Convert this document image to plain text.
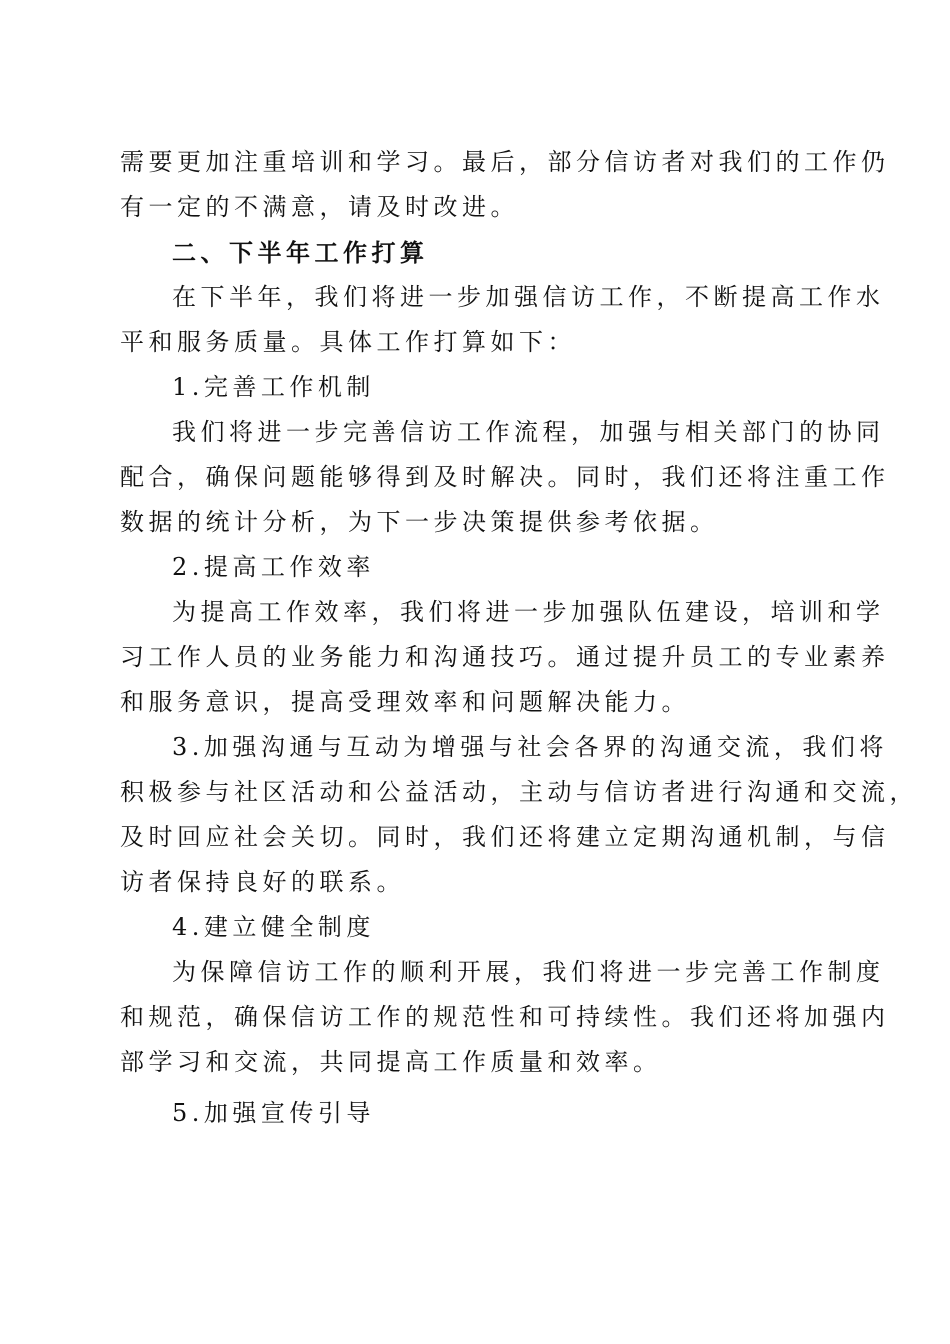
需要更加注重培训和学习。最后，部分信访者对我们的工作仍
有一定的不满意，请及时改进。
二、下半年工作打算
在下半年，我们将进一步加强信访工作，不断提高工作水
平和服务质量。具体工作打算如下：
1.完善工作机制
我们将进一步完善信访工作流程，加强与相关部门的协同
配合，确保问题能够得到及时解决。同时，我们还将注重工作
数据的统计分析，为下一步决策提供参考依据。
2.提高工作效率
为提高工作效率，我们将进一步加强队伍建设，培训和学
习工作人员的业务能力和沟通技巧。通过提升员工的专业素养
和服务意识，提高受理效率和问题解决能力。
3.加强沟通与互动为增强与社会各界的沟通交流，我们将
积极参与社区活动和公益活动，主动与信访者进行沟通和交流，
及时回应社会关切。同时，我们还将建立定期沟通机制，与信
访者保持良好的联系。
4.建立健全制度
为保障信访工作的顺利开展，我们将进一步完善工作制度
和规范，确保信访工作的规范性和可持续性。我们还将加强内
部学习和交流，共同提高工作质量和效率。
5.加强宣传引导
